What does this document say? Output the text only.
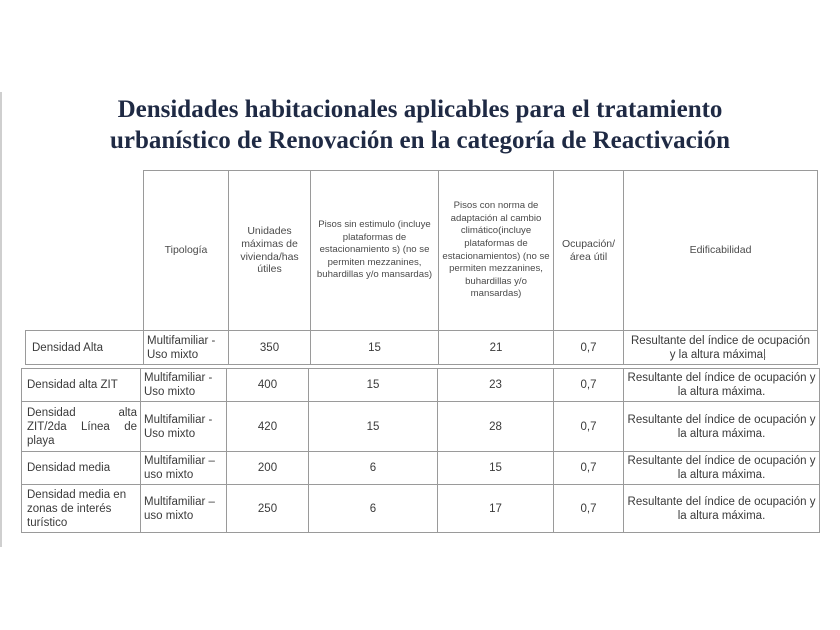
Densidades habitacionales aplicables para el tratamiento
urbanístico de Renovación en la categoría de Reactivación
	Tipología	Unidades máximas de vivienda/has útiles	Pisos sin estimulo (incluye plataformas de estacionamiento s) (no se permiten mezzanines, buhardillas y/o mansardas)	Pisos con norma de adaptación al cambio climático(incluye plataformas de estacionamientos) (no se permiten mezzanines, buhardillas y/o mansardas)	Ocupación/ área útil	Edificabilidad
Densidad Alta	Multifamiliar - Uso mixto	350	15	21	0,7	Resultante del índice de ocupación y la altura máxima.
Densidad alta ZIT	Multifamiliar - Uso mixto	400	15	23	0,7	Resultante del índice de ocupación y la altura máxima.
Densidad alta ZIT/2da Línea de playa	Multifamiliar - Uso mixto	420	15	28	0,7	Resultante del índice de ocupación y la altura máxima.
Densidad media	Multifamiliar – uso mixto	200	6	15	0,7	Resultante del índice de ocupación y la altura máxima.
Densidad media en zonas de interés turístico	Multifamiliar – uso mixto	250	6	17	0,7	Resultante del índice de ocupación y la altura máxima.
